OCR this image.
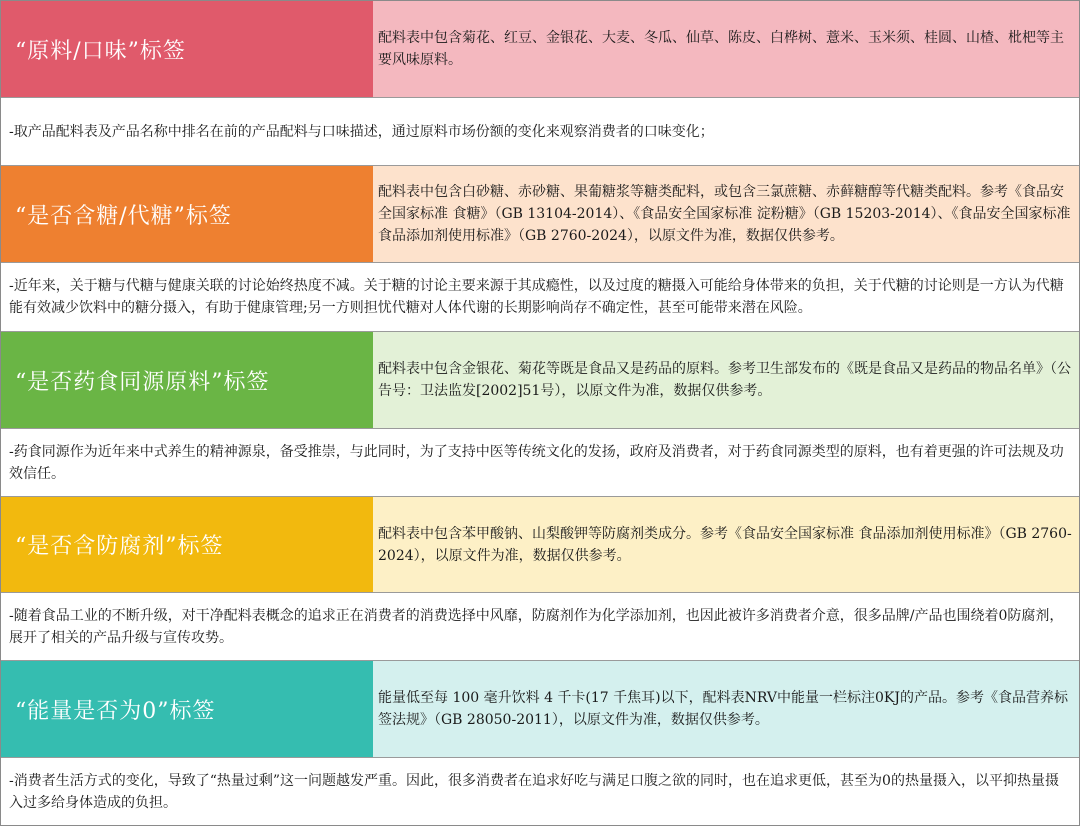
“原料/口味”标签
配料表中包含菊花、红豆、金银花、大麦、冬瓜、仙草、陈皮、白桦树、薏米、玉米须、桂圆、山楂、枇杷等主要风味原料。
-取产品配料表及产品名称中排名在前的产品配料与口味描述，通过原料市场份额的变化来观察消费者的口味变化；
“是否含糖/代糖”标签
配料表中包含白砂糖、赤砂糖、果葡糖浆等糖类配料，或包含三氯蔗糖、赤藓糖醇等代糖类配料。参考《食品安全国家标准 食糖》（GB 13104-2014）、《食品安全国家标准 淀粉糖》（GB 15203-2014）、《食品安全国家标准 食品添加剂使用标准》（GB 2760-2024），以原文件为准，数据仅供参考。
-近年来，关于糖与代糖与健康关联的讨论始终热度不减。关于糖的讨论主要来源于其成瘾性，以及过度的糖摄入可能给身体带来的负担，关于代糖的讨论则是一方认为代糖能有效减少饮料中的糖分摄入，有助于健康管理;另一方则担忧代糖对人体代谢的长期影响尚存不确定性，甚至可能带来潜在风险。
“是否药食同源原料”标签
配料表中包含金银花、菊花等既是食品又是药品的原料。参考卫生部发布的《既是食品又是药品的物品名单》（公告号：卫法监发[2002]51号），以原文件为准，数据仅供参考。
-药食同源作为近年来中式养生的精神源泉，备受推崇，与此同时，为了支持中医等传统文化的发扬，政府及消费者，对于药食同源类型的原料，也有着更强的许可法规及功效信任。
“是否含防腐剂”标签
配料表中包含苯甲酸钠、山梨酸钾等防腐剂类成分。参考《食品安全国家标准 食品添加剂使用标准》（GB 2760-2024），以原文件为准，数据仅供参考。
-随着食品工业的不断升级，对干净配料表概念的追求正在消费者的消费选择中风靡，防腐剂作为化学添加剂，也因此被许多消费者介意，很多品牌/产品也围绕着0防腐剂，展开了相关的产品升级与宣传攻势。
“能量是否为0”标签
能量低至每 100 毫升饮料 4 千卡(17 千焦耳)以下，配料表NRV中能量一栏标注0KJ的产品。参考《食品营养标签法规》（GB 28050-2011），以原文件为准，数据仅供参考。
-消费者生活方式的变化，导致了“热量过剩”这一问题越发严重。因此，很多消费者在追求好吃与满足口腹之欲的同时，也在追求更低，甚至为0的热量摄入，以平抑热量摄入过多给身体造成的负担。
